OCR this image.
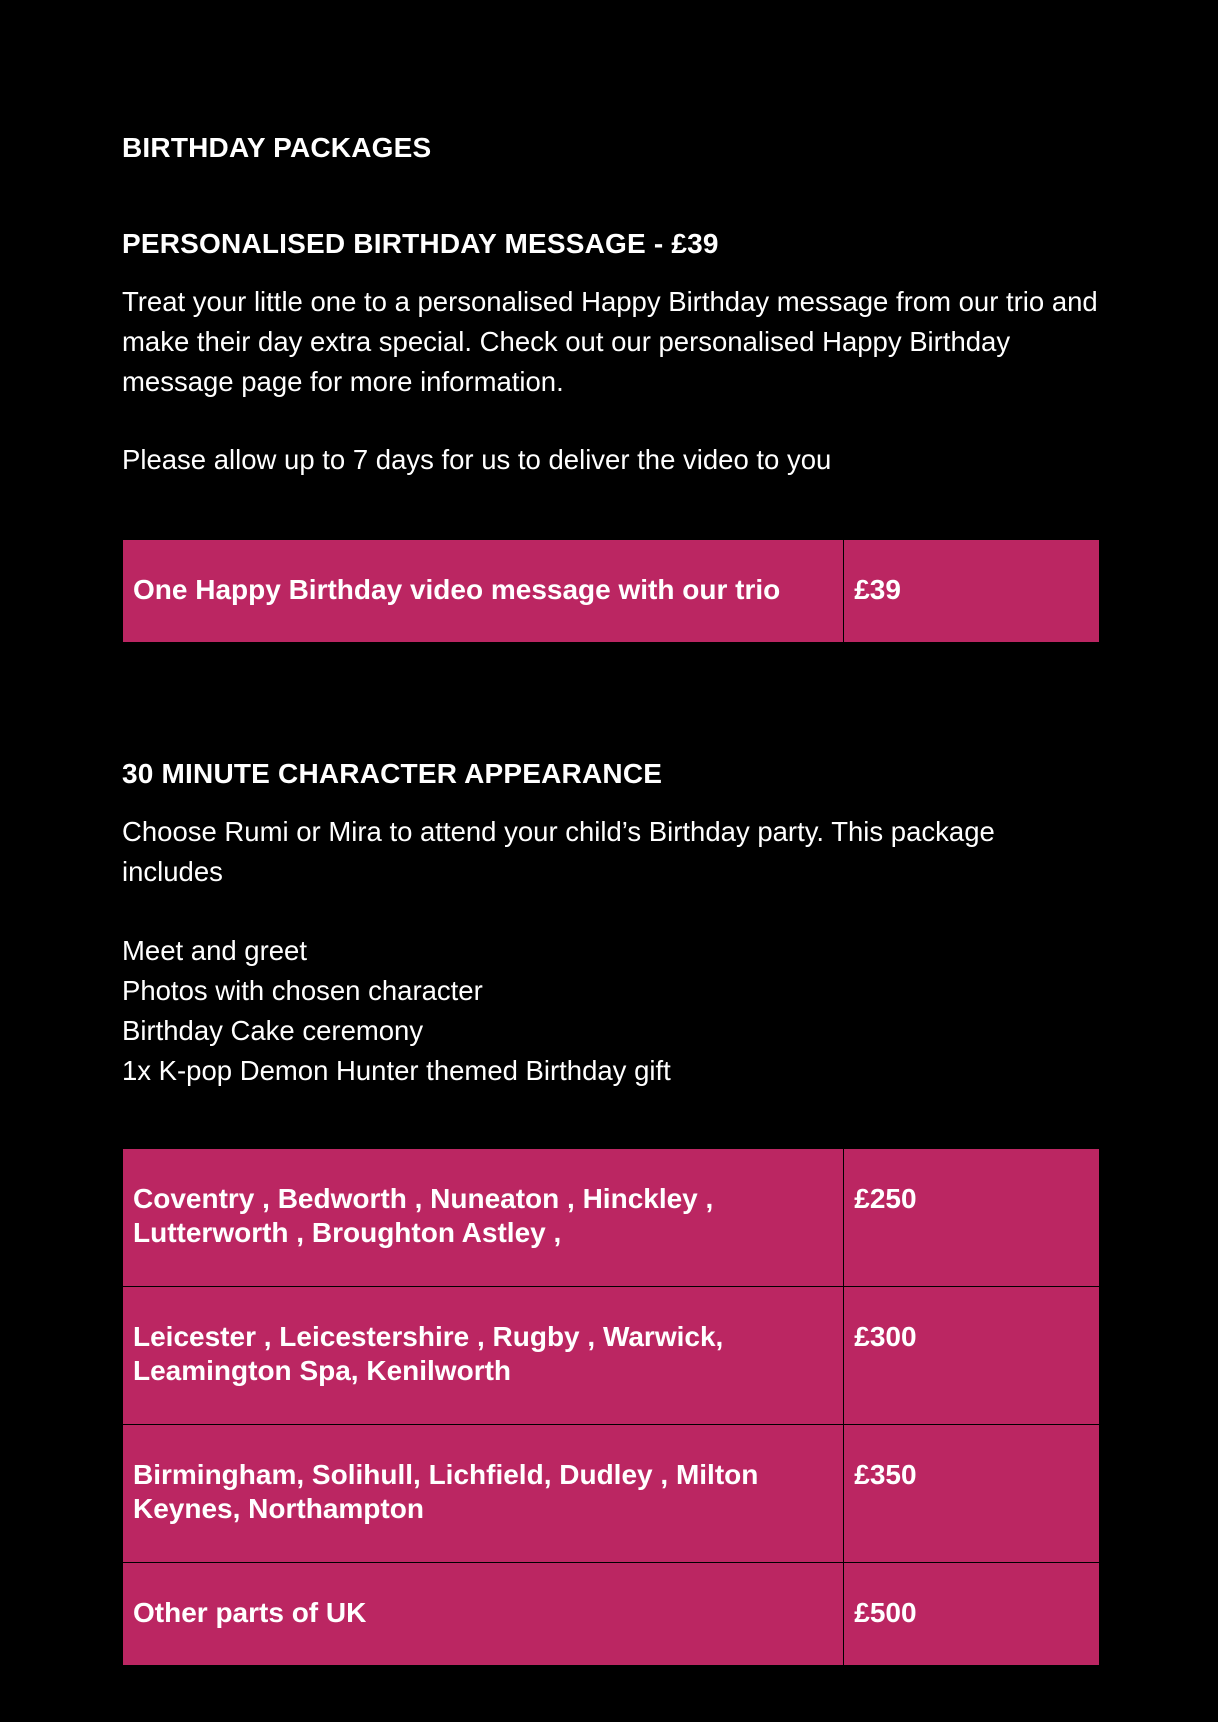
BIRTHDAY PACKAGES
PERSONALISED BIRTHDAY MESSAGE - £39

Treat your little one to a personalised Happy Birthday message from our trio and make their day extra special. Check out our personalised Happy Birthday message page for more information.

Please allow up to 7 days for us to deliver the video to you

One Happy Birthday video message with our trio	£39
30 MINUTE CHARACTER APPEARANCE

Choose Rumi or Mira to attend your child’s Birthday party. This package includes

Meet and greet
Photos with chosen character
Birthday Cake ceremony
1x K-pop Demon Hunter themed Birthday gift
Coventry , Bedworth , Nuneaton , Hinckley , Lutterworth , Broughton Astley ,	£250
Leicester , Leicestershire , Rugby , Warwick, Leamington Spa, Kenilworth	£300
Birmingham, Solihull, Lichfield, Dudley , Milton Keynes, Northampton	£350
Other parts of UK	£500
